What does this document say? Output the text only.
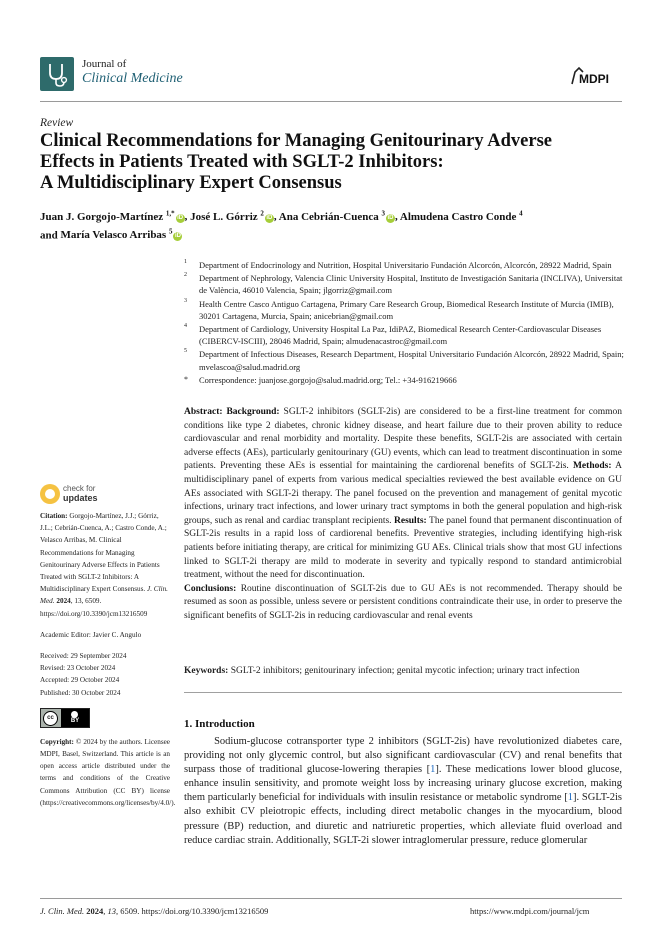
Journal of
Clinical Medicine	MDPI
Review
Clinical Recommendations for Managing Genitourinary Adverse
Effects in Patients Treated with SGLT-2 Inhibitors:
A Multidisciplinary Expert Consensus
Juan J. Gorgojo-Martínez $^{1,*}$iD , José L. Górriz $^2$iD , Ana Cebrián-Cuenca $^3$iD , Almudena Castro Conde $^4$
and María Velasco Arribas $^5$iD
1 Department of Endocrinology and Nutrition, Hospital Universitario Fundación Alcorcón, Alcorcón, 28922 Madrid, Spain
2 Department of Nephrology, Valencia Clinic University Hospital, Instituto de Investigación Sanitaria (INCLIVA), Universitat de València, 46010 Valencia, Spain; jlgorriz@gmail.com
3 Health Centre Casco Antiguo Cartagena, Primary Care Research Group, Biomedical Research Institute of Murcia (IMIB), 30201 Cartagena, Murcia, Spain; anicebrian@gmail.com
4 Department of Cardiology, University Hospital La Paz, IdiPAZ, Biomedical Research Center-Cardiovascular Diseases (CIBERCV-ISCIII), 28046 Madrid, Spain; almudenacastroc@gmail.com
5 Department of Infectious Diseases, Research Department, Hospital Universitario Fundación Alcorcón, 28922 Madrid, Spain; mvelascoa@salud.madrid.org
* Correspondence: juanjose.gorgojo@salud.madrid.org; Tel.: +34-916219666
Abstract: Background: SGLT-2 inhibitors (SGLT-2is) are considered to be a first-line treatment for common conditions like type 2 diabetes, chronic kidney disease, and heart failure due to their proven ability to reduce cardiovascular and renal morbidity and mortality. Despite these benefits, SGLT-2is are associated with certain adverse effects (AEs), particularly genitourinary (GU) events, which can lead to treatment discontinuation in some patients. Preventing these AEs is essential for maintaining the cardiorenal benefits of SGLT-2is. Methods: A multidisciplinary panel of experts from various medical specialties reviewed the best available evidence on GU AEs associated with SGLT-2i therapy. The panel focused on the prevention and management of genital mycotic infections, urinary tract infections, and lower urinary tract symptoms in both the general population and high-risk groups, such as renal and cardiac transplant recipients. Results: The panel found that permanent discontinuation of SGLT-2is results in a rapid loss of cardiorenal benefits. Preventive strategies, including identifying high-risk patients before initiating therapy, are critical for minimizing GU AEs. Clinical trials show that most GU infections linked to SGLT-2i therapy are mild to moderate in severity and typically respond to standard antimicrobial treatment, without the need for discontinuation.
Conclusions: Routine discontinuation of SGLT-2is due to GU AEs is not recommended. Therapy should be resumed as soon as possible, unless severe or persistent conditions contraindicate their use, in order to preserve the significant benefits of SGLT-2is in reducing cardiovascular and renal events
Keywords: SGLT-2 inhibitors; genitourinary infection; genital mycotic infection; urinary tract infection
check for
updates
Citation: Gorgojo-Martínez, J.J.; Górriz, J.L.; Cebrián-Cuenca, A.; Castro Conde, A.; Velasco Arribas, M. Clinical Recommendations for Managing Genitourinary Adverse Effects in Patients Treated with SGLT-2 Inhibitors: A Multidisciplinary Expert Consensus. J. Clin. Med. 2024, 13, 6509. https://doi.org/10.3390/jcm13216509
Academic Editor: Javier C. Angulo
Received: 29 September 2024
Revised: 23 October 2024
Accepted: 29 October 2024
Published: 30 October 2024
cc	BY
Copyright: © 2024 by the authors. Licensee MDPI, Basel, Switzerland. This article is an open access article distributed under the terms and conditions of the Creative Commons Attribution (CC BY) license (https://creativecommons.org/licenses/by/4.0/).
1. Introduction
Sodium-glucose cotransporter type 2 inhibitors (SGLT-2is) have revolutionized diabetes care, providing not only glycemic control, but also significant cardiovascular (CV) and renal benefits that surpass those of traditional glucose-lowering therapies [1]. These medications lower blood glucose, enhance insulin sensitivity, and promote weight loss by increasing urinary glucose excretion, making them particularly beneficial for individuals with insulin resistance or metabolic syndrome [1]. SGLT-2is also exhibit CV pleiotropic effects, including direct metabolic changes in the myocardium, blood pressure (BP) reduction, and diuretic and natriuretic properties, which alleviate fluid overload and reduce cardiac strain. Additionally, SGLT-2i slower intraglomerular pressure, reduce glomerular
J. Clin. Med. 2024, 13, 6509. https://doi.org/10.3390/jcm13216509	https://www.mdpi.com/journal/jcm
